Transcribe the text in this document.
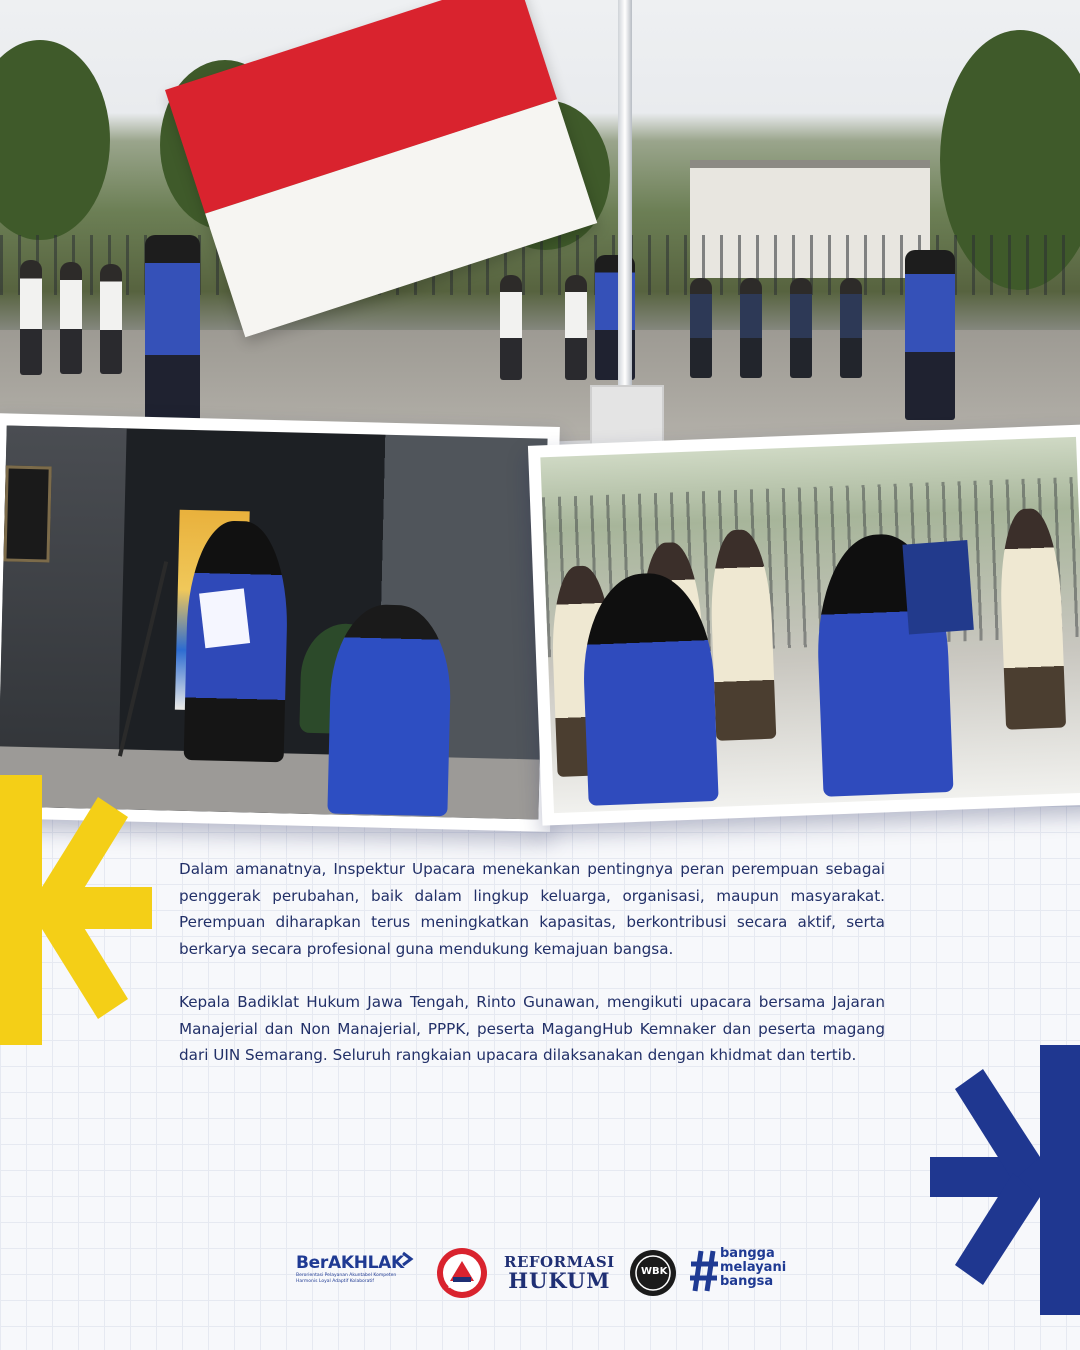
Dalam amanatnya, Inspektur Upacara menekankan pentingnya peran perempuan sebagai penggerak perubahan, baik dalam lingkup keluarga, organisasi, maupun masyarakat. Perempuan diharapkan terus meningkatkan kapasitas, berkontribusi secara aktif, serta berkarya secara profesional guna mendukung kemajuan bangsa.

Kepala Badiklat Hukum Jawa Tengah, Rinto Gunawan, mengikuti upacara bersama Jajaran Manajerial dan Non Manajerial, PPPK, peserta MagangHub Kemnaker dan peserta magang dari UIN Semarang. Seluruh rangkaian upacara dilaksanakan dengan khidmat dan tertib.

BerAKHLAK
Berorientasi Pelayanan Akuntabel Kompeten Harmonis Loyal Adaptif Kolaboratif
PASTI
REFORMASI
HUKUM	WBK
bangga
melayani
bangsa
